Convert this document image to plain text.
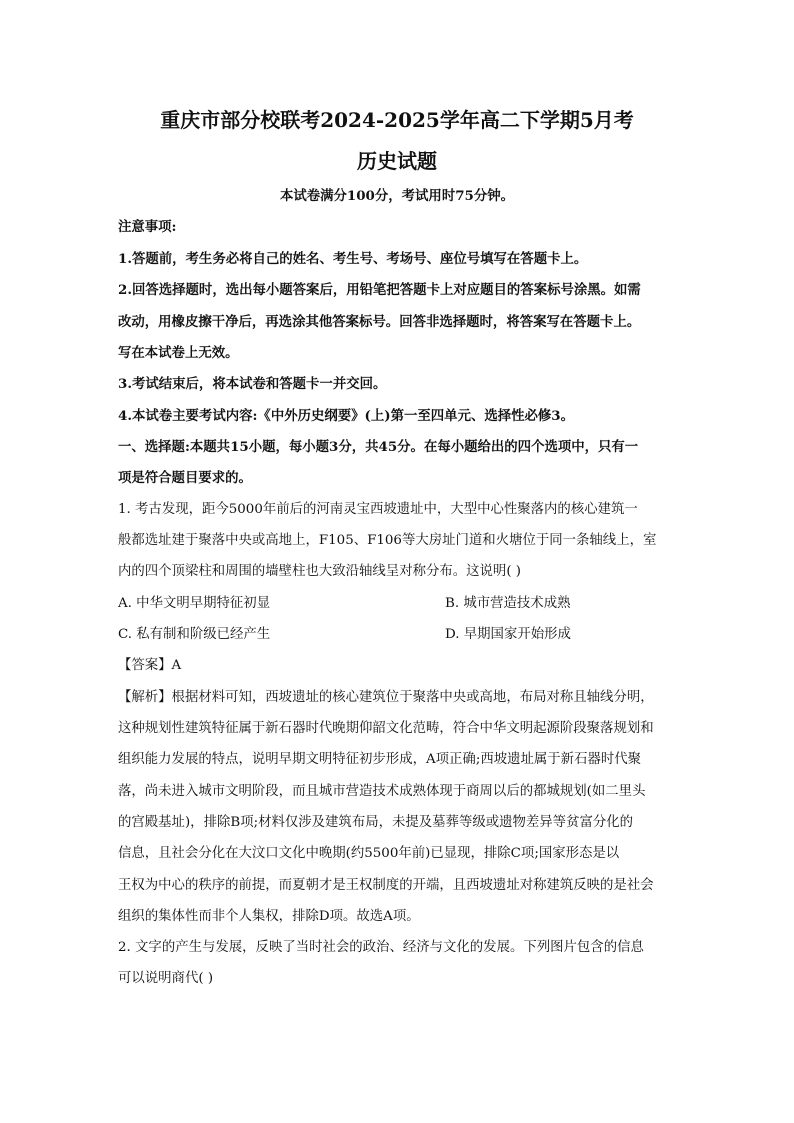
重庆市部分校联考2024-2025学年高二下学期5月考
历史试题
本试卷满分100分，考试用时75分钟。
注意事项:
1.答题前，考生务必将自己的姓名、考生号、考场号、座位号填写在答题卡上。
2.回答选择题时，选出每小题答案后，用铅笔把答题卡上对应题目的答案标号涂黑。如需
改动，用橡皮擦干净后，再选涂其他答案标号。回答非选择题时，将答案写在答题卡上。
写在本试卷上无效。
3.考试结束后，将本试卷和答题卡一并交回。
4.本试卷主要考试内容:《中外历史纲要》(上)第一至四单元、选择性必修3。
一、选择题:本题共15小题，每小题3分，共45分。在每小题给出的四个选项中，只有一
项是符合题目要求的。
1. 考古发现，距今5000年前后的河南灵宝西坡遗址中，大型中心性聚落内的核心建筑一
般都选址建于聚落中央或高地上，F105、F106等大房址门道和火塘位于同一条轴线上，室
内的四个顶梁柱和周围的墙壁柱也大致沿轴线呈对称分布。这说明( )
A. 中华文明早期特征初显	B. 城市营造技术成熟
C. 私有制和阶级已经产生	D. 早期国家开始形成
【答案】A
【解析】根据材料可知，西坡遗址的核心建筑位于聚落中央或高地，布局对称且轴线分明，
这种规划性建筑特征属于新石器时代晚期仰韶文化范畴，符合中华文明起源阶段聚落规划和
组织能力发展的特点，说明早期文明特征初步形成，A项正确;西坡遗址属于新石器时代聚
落，尚未进入城市文明阶段，而且城市营造技术成熟体现于商周以后的都城规划(如二里头
的宫殿基址)，排除B项;材料仅涉及建筑布局，未提及墓葬等级或遗物差异等贫富分化的
信息，且社会分化在大汶口文化中晚期(约5500年前)已显现，排除C项;国家形态是以
王权为中心的秩序的前提，而夏朝才是王权制度的开端，且西坡遗址对称建筑反映的是社会
组织的集体性而非个人集权，排除D项。故选A项。
2. 文字的产生与发展，反映了当时社会的政治、经济与文化的发展。下列图片包含的信息
可以说明商代( )
